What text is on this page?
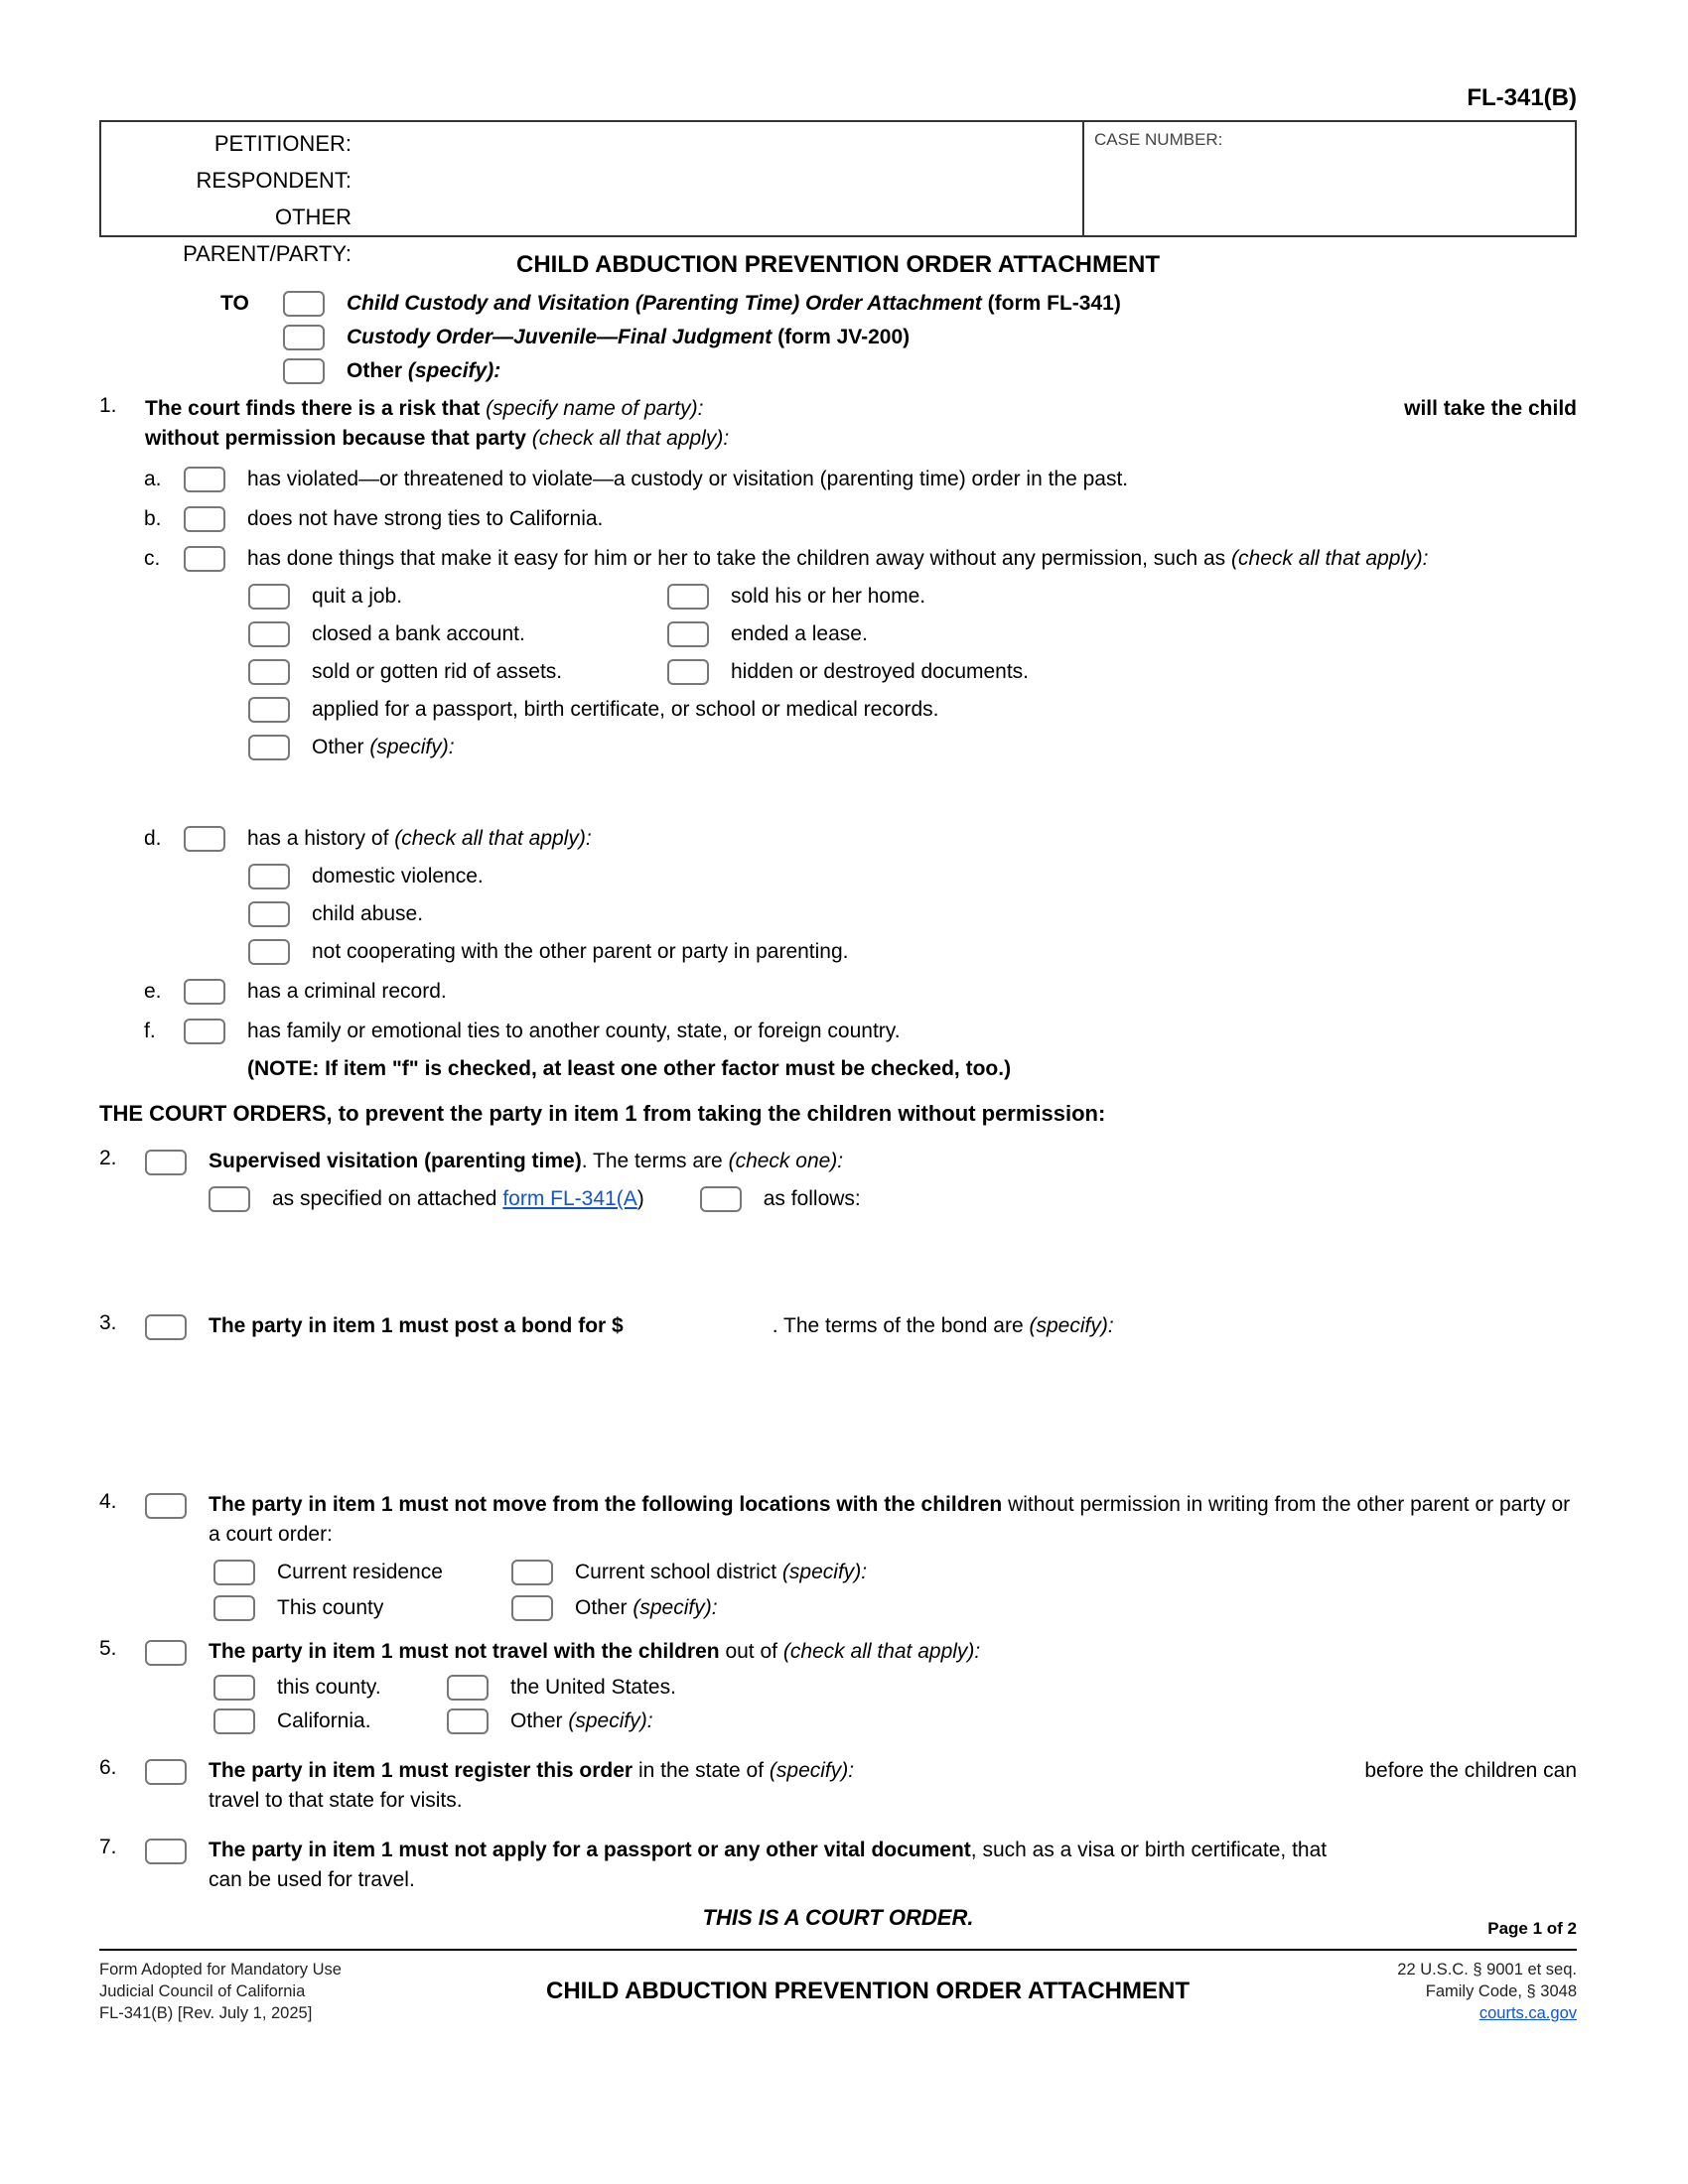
FL-341(B)
PETITIONER:
RESPONDENT:
OTHER PARENT/PARTY:
CASE NUMBER:
CHILD ABDUCTION PREVENTION ORDER ATTACHMENT
TO	Child Custody and Visitation (Parenting Time) Order Attachment (form FL-341)
Custody Order—Juvenile—Final Judgment (form JV-200)
Other (specify):
1.	The court finds there is a risk that (specify name of party):	will take the child
without permission because that party (check all that apply):
a.	has violated—or threatened to violate—a custody or visitation (parenting time) order in the past.
b.	does not have strong ties to California.
c.	has done things that make it easy for him or her to take the children away without any permission, such as (check all that apply):
quit a job.	sold his or her home.
closed a bank account.	ended a lease.
sold or gotten rid of assets.	hidden or destroyed documents.
applied for a passport, birth certificate, or school or medical records.
Other (specify):
d.	has a history of (check all that apply):
domestic violence.
child abuse.
not cooperating with the other parent or party in parenting.
e.	has a criminal record.
f.	has family or emotional ties to another county, state, or foreign country.
(NOTE: If item "f" is checked, at least one other factor must be checked, too.)
THE COURT ORDERS, to prevent the party in item 1 from taking the children without permission:
2.	Supervised visitation (parenting time). The terms are (check one):
as specified on attached form FL-341(A)	as follows:
3.	The party in item 1 must post a bond for $	. The terms of the bond are (specify):
4.	The party in item 1 must not move from the following locations with the children without permission in writing from the other parent or party or a court order:
Current residence	Current school district (specify):
This county	Other (specify):
5.	The party in item 1 must not travel with the children out of (check all that apply):
this county.	the United States.
California.	Other (specify):
6.	The party in item 1 must register this order in the state of (specify):	before the children can
travel to that state for visits.
7.	The party in item 1 must not apply for a passport or any other vital document, such as a visa or birth certificate, that
can be used for travel.
THIS IS A COURT ORDER.	Page 1 of 2
Form Adopted for Mandatory Use
Judicial Council of California
FL-341(B) [Rev. July 1, 2025]
CHILD ABDUCTION PREVENTION ORDER ATTACHMENT
22 U.S.C. § 9001 et seq.
Family Code, § 3048
courts.ca.gov
